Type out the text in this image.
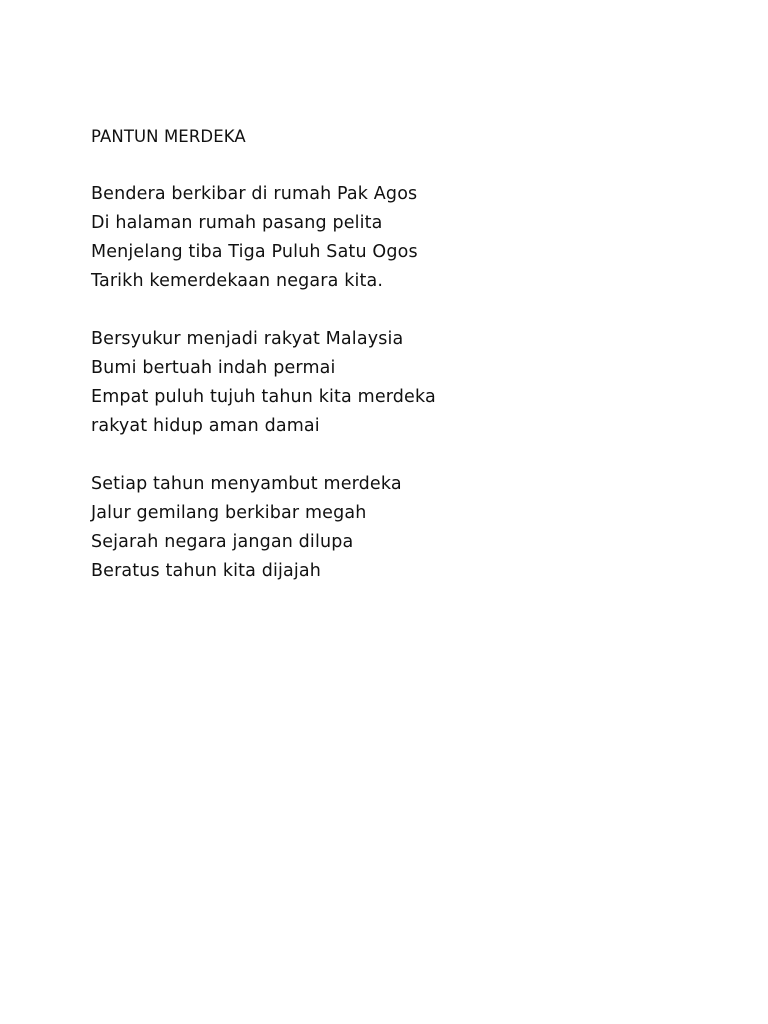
PANTUN MERDEKA
Bendera berkibar di rumah Pak Agos
Di halaman rumah pasang pelita
Menjelang tiba Tiga Puluh Satu Ogos
Tarikh kemerdekaan negara kita.
Bersyukur menjadi rakyat Malaysia
Bumi bertuah indah permai
Empat puluh tujuh tahun kita merdeka
rakyat hidup aman damai
Setiap tahun menyambut merdeka
Jalur gemilang berkibar megah
Sejarah negara jangan dilupa
Beratus tahun kita dijajah
